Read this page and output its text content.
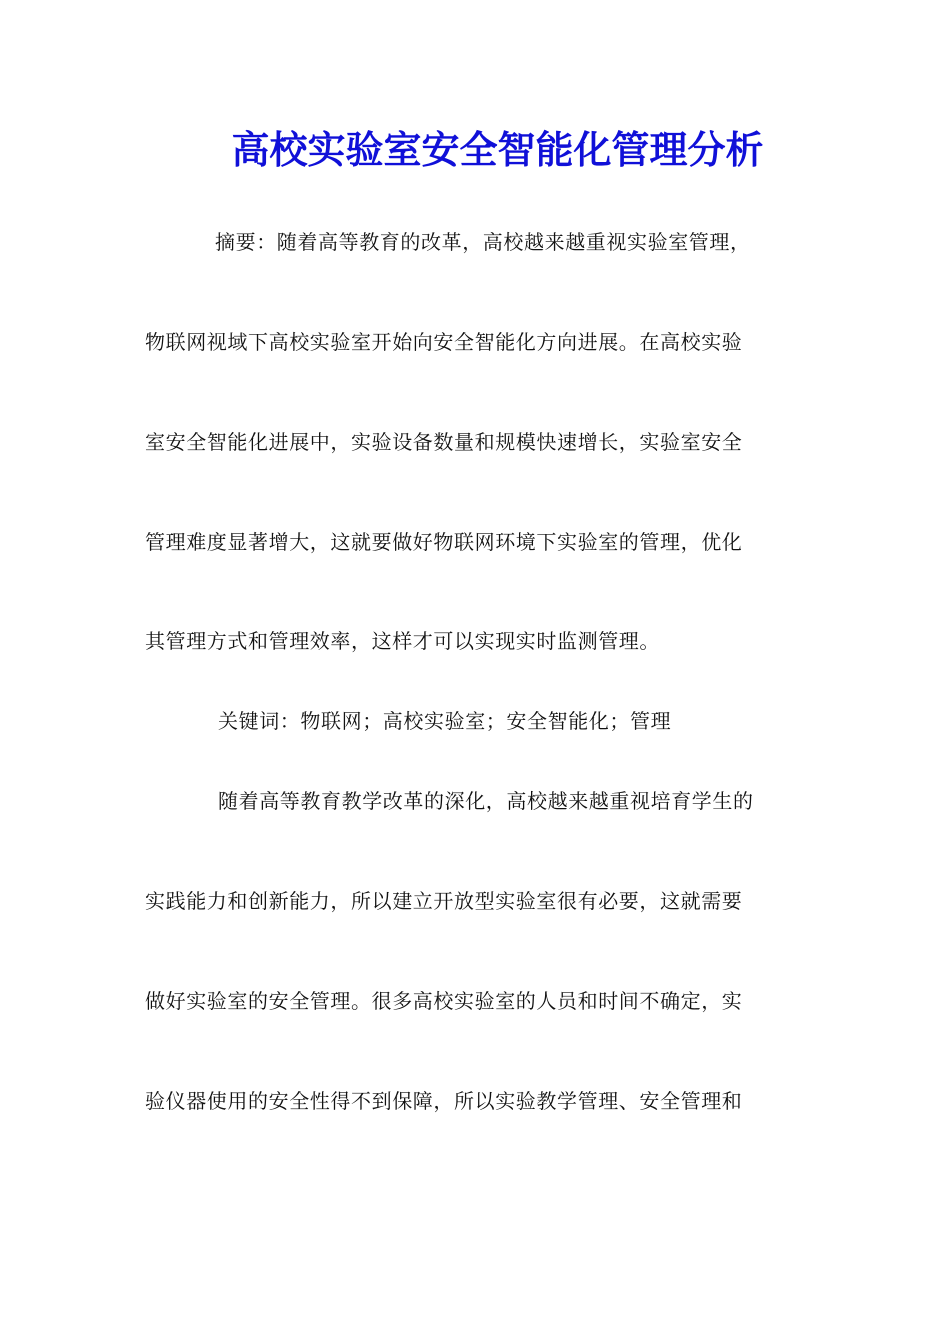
高校实验室安全智能化管理分析
摘要：随着高等教育的改革，高校越来越重视实验室管理，
物联网视域下高校实验室开始向安全智能化方向进展。在高校实验
室安全智能化进展中，实验设备数量和规模快速增长，实验室安全
管理难度显著增大，这就要做好物联网环境下实验室的管理，优化
其管理方式和管理效率，这样才可以实现实时监测管理。
关键词：物联网；高校实验室；安全智能化；管理
随着高等教育教学改革的深化，高校越来越重视培育学生的
实践能力和创新能力，所以建立开放型实验室很有必要，这就需要
做好实验室的安全管理。很多高校实验室的人员和时间不确定，实
验仪器使用的安全性得不到保障，所以实验教学管理、安全管理和
